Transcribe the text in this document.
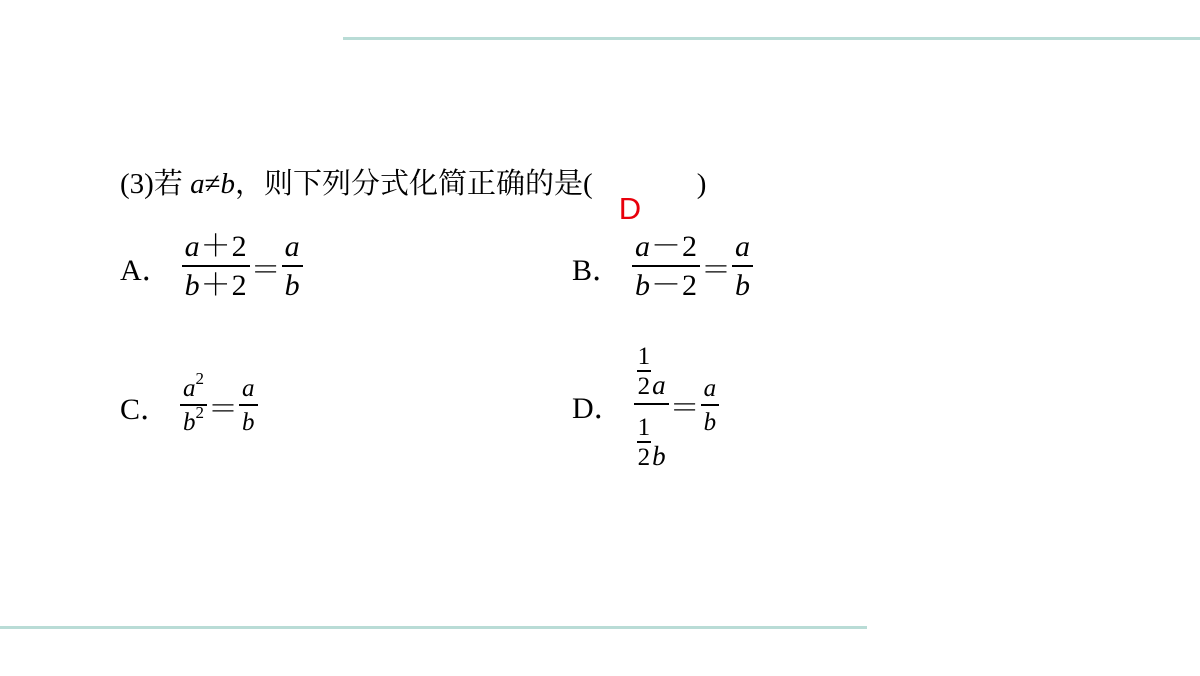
(3)若 a≠b，则下列分式化简正确的是(
D
)
A． $\frac{a+2}{b+2} = \frac{a}{b}$	B． $\frac{a-2}{b-2} = \frac{a}{b}$
C． $\frac{a^2}{b^2} = \frac{a}{b}$	D． $\frac{\frac{1}{2} a}{\frac{1}{2} b} = \frac{a}{b}$
